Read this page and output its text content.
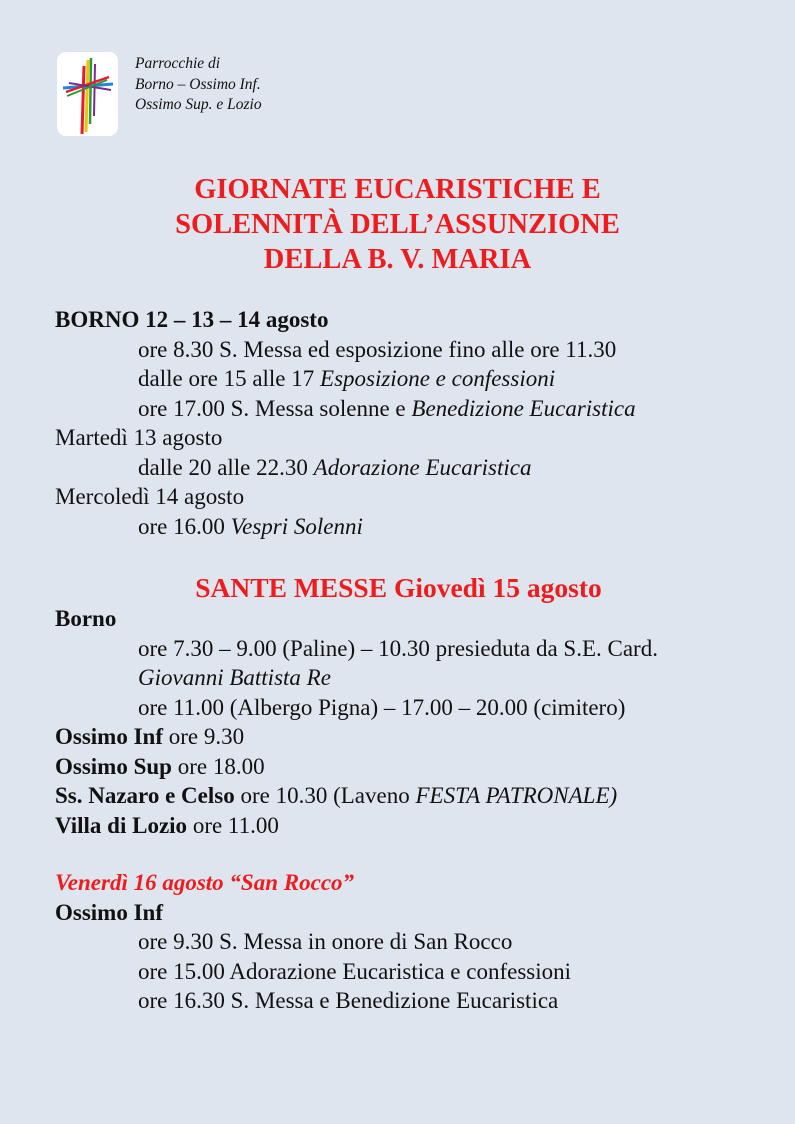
Parrocchie di
Borno – Ossimo Inf.
Ossimo Sup. e Lozio
GIORNATE EUCARISTICHE E
SOLENNITÀ DELL’ASSUNZIONE
DELLA B. V. MARIA
BORNO 12 – 13 – 14 agosto
ore 8.30 S. Messa ed esposizione fino alle ore 11.30
dalle ore 15 alle 17 Esposizione e confessioni
ore 17.00 S. Messa solenne e Benedizione Eucaristica
Martedì 13 agosto
dalle 20 alle 22.30 Adorazione Eucaristica
Mercoledì 14 agosto
ore 16.00 Vespri Solenni
SANTE MESSE Giovedì 15 agosto
Borno
ore 7.30 – 9.00 (Paline) – 10.30 presieduta da S.E. Card.
Giovanni Battista Re
ore 11.00 (Albergo Pigna) – 17.00 – 20.00 (cimitero)
Ossimo Inf ore 9.30
Ossimo Sup ore 18.00
Ss. Nazaro e Celso ore 10.30 (Laveno FESTA PATRONALE)
Villa di Lozio ore 11.00
Venerdì 16 agosto “San Rocco”
Ossimo Inf
ore 9.30 S. Messa in onore di San Rocco
ore 15.00 Adorazione Eucaristica e confessioni
ore 16.30 S. Messa e Benedizione Eucaristica
